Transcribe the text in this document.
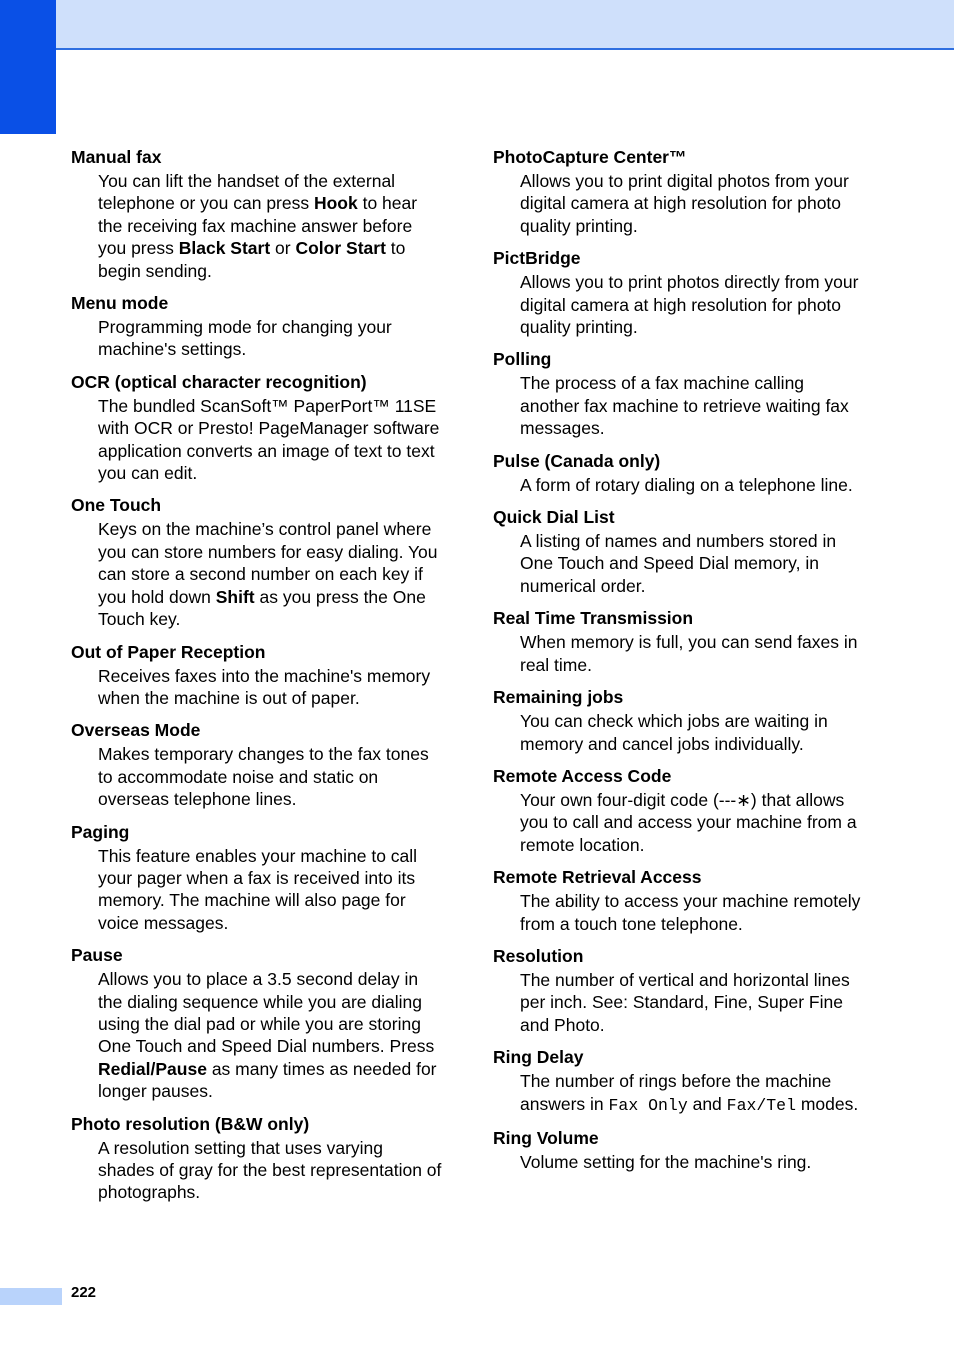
Manual fax

You can lift the handset of the external telephone or you can press Hook to hear the receiving fax machine answer before you press Black Start or Color Start to begin sending.

Menu mode

Programming mode for changing your machine's settings.

OCR (optical character recognition)

The bundled ScanSoft™ PaperPort™ 11SE with OCR or Presto! PageManager software application converts an image of text to text you can edit.

One Touch

Keys on the machine’s control panel where you can store numbers for easy dialing. You can store a second number on each key if you hold down Shift as you press the One Touch key.

Out of Paper Reception

Receives faxes into the machine's memory when the machine is out of paper.

Overseas Mode

Makes temporary changes to the fax tones to accommodate noise and static on overseas telephone lines.

Paging

This feature enables your machine to call your pager when a fax is received into its memory. The machine will also page for voice messages.

Pause

Allows you to place a 3.5 second delay in the dialing sequence while you are dialing using the dial pad or while you are storing One Touch and Speed Dial numbers. Press Redial/Pause as many times as needed for longer pauses.

Photo resolution (B&W only)

A resolution setting that uses varying shades of gray for the best representation of photographs.

PhotoCapture Center™

Allows you to print digital photos from your digital camera at high resolution for photo quality printing.

PictBridge

Allows you to print photos directly from your digital camera at high resolution for photo quality printing.

Polling

The process of a fax machine calling another fax machine to retrieve waiting fax messages.

Pulse (Canada only)

A form of rotary dialing on a telephone line.

Quick Dial List

A listing of names and numbers stored in One Touch and Speed Dial memory, in numerical order.

Real Time Transmission

When memory is full, you can send faxes in real time.

Remaining jobs

You can check which jobs are waiting in memory and cancel jobs individually.

Remote Access Code

Your own four-digit code (---∗) that allows you to call and access your machine from a remote location.

Remote Retrieval Access

The ability to access your machine remotely from a touch tone telephone.

Resolution

The number of vertical and horizontal lines per inch. See: Standard, Fine, Super Fine and Photo.

Ring Delay

The number of rings before the machine answers in Fax Only and Fax/Tel modes.

Ring Volume

Volume setting for the machine's ring.

222
